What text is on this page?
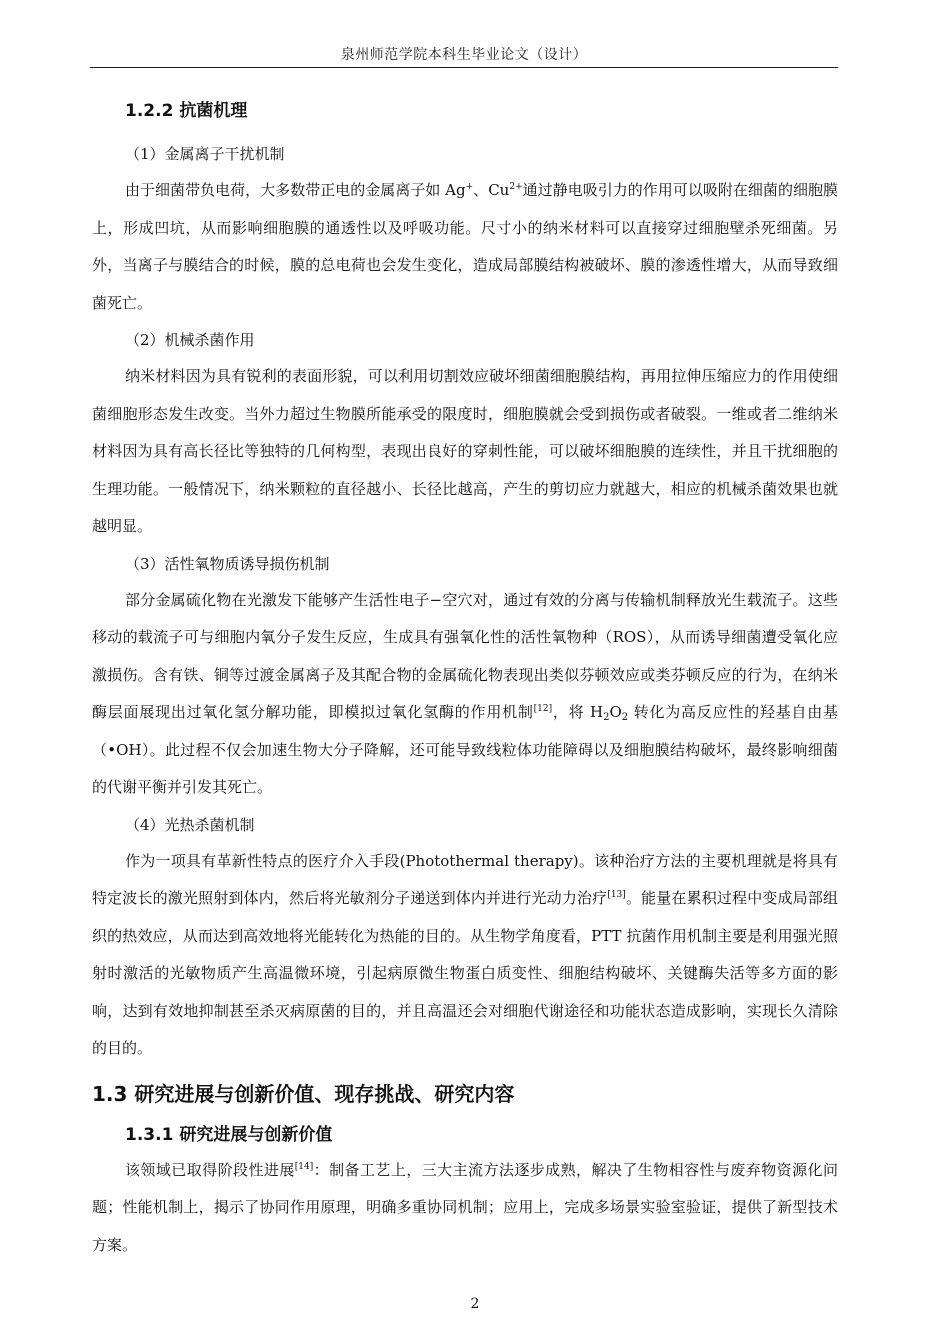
泉州师范学院本科生毕业论文（设计）
1.2.2 抗菌机理
（1）金属离子干扰机制

由于细菌带负电荷，大多数带正电的金属离子如 Ag+、$Cu^{2+}$通过静电吸引力的作用可以吸附在细菌的细胞膜上，形成凹坑，从而影响细胞膜的通透性以及呼吸功能。尺寸小的纳米材料可以直接穿过细胞壁杀死细菌。另外，当离子与膜结合的时候，膜的总电荷也会发生变化，造成局部膜结构被破坏、膜的渗透性增大，从而导致细菌死亡。

（2）机械杀菌作用

纳米材料因为具有锐利的表面形貌，可以利用切割效应破坏细菌细胞膜结构，再用拉伸压缩应力的作用使细菌细胞形态发生改变。当外力超过生物膜所能承受的限度时，细胞膜就会受到损伤或者破裂。一维或者二维纳米材料因为具有高长径比等独特的几何构型，表现出良好的穿刺性能，可以破坏细胞膜的连续性，并且干扰细胞的生理功能。一般情况下，纳米颗粒的直径越小、长径比越高，产生的剪切应力就越大，相应的机械杀菌效果也就越明显。

（3）活性氧物质诱导损伤机制

部分金属硫化物在光激发下能够产生活性电子−空穴对，通过有效的分离与传输机制释放光生载流子。这些移动的载流子可与细胞内氧分子发生反应，生成具有强氧化性的活性氧物种（ROS），从而诱导细菌遭受氧化应激损伤。含有铁、铜等过渡金属离子及其配合物的金属硫化物表现出类似芬顿效应或类芬顿反应的行为，在纳米酶层面展现出过氧化氢分解功能，即模拟过氧化氢酶的作用机制[12]，将 $H_2O_2$ 转化为高反应性的羟基自由基（•OH）。此过程不仅会加速生物大分子降解，还可能导致线粒体功能障碍以及细胞膜结构破坏，最终影响细菌的代谢平衡并引发其死亡。

（4）光热杀菌机制

作为一项具有革新性特点的医疗介入手段(Photothermal therapy)。该种治疗方法的主要机理就是将具有特定波长的激光照射到体内，然后将光敏剂分子递送到体内并进行光动力治疗[13]。能量在累积过程中变成局部组织的热效应，从而达到高效地将光能转化为热能的目的。从生物学角度看，PTT 抗菌作用机制主要是利用强光照射时激活的光敏物质产生高温微环境，引起病原微生物蛋白质变性、细胞结构破坏、关键酶失活等多方面的影响，达到有效地抑制甚至杀灭病原菌的目的，并且高温还会对细胞代谢途径和功能状态造成影响，实现长久清除的目的。

1.3 研究进展与创新价值、现存挑战、研究内容
1.3.1 研究进展与创新价值

该领域已取得阶段性进展[14]：制备工艺上，三大主流方法逐步成熟，解决了生物相容性与废弃物资源化问题；性能机制上，揭示了协同作用原理，明确多重协同机制；应用上，完成多场景实验室验证，提供了新型技术方案。

2
